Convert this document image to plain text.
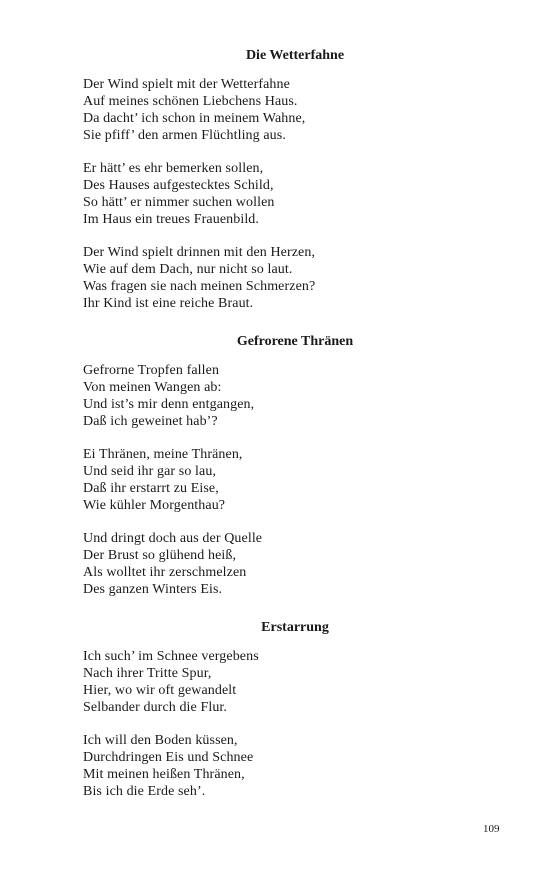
Die Wetterfahne
Der Wind spielt mit der Wetterfahne
Auf meines schönen Liebchens Haus.
Da dacht’ ich schon in meinem Wahne,
Sie pfiff’ den armen Flüchtling aus.
Er hätt’ es ehr bemerken sollen,
Des Hauses aufgestecktes Schild,
So hätt’ er nimmer suchen wollen
Im Haus ein treues Frauenbild.
Der Wind spielt drinnen mit den Herzen,
Wie auf dem Dach, nur nicht so laut.
Was fragen sie nach meinen Schmerzen?
Ihr Kind ist eine reiche Braut.
Gefrorene Thränen
Gefrorne Tropfen fallen
Von meinen Wangen ab:
Und ist’s mir denn entgangen,
Daß ich geweinet hab’?
Ei Thränen, meine Thränen,
Und seid ihr gar so lau,
Daß ihr erstarrt zu Eise,
Wie kühler Morgenthau?
Und dringt doch aus der Quelle
Der Brust so glühend heiß,
Als wolltet ihr zerschmelzen
Des ganzen Winters Eis.
Erstarrung
Ich such’ im Schnee vergebens
Nach ihrer Tritte Spur,
Hier, wo wir oft gewandelt
Selbander durch die Flur.
Ich will den Boden küssen,
Durchdringen Eis und Schnee
Mit meinen heißen Thränen,
Bis ich die Erde seh’.
109
